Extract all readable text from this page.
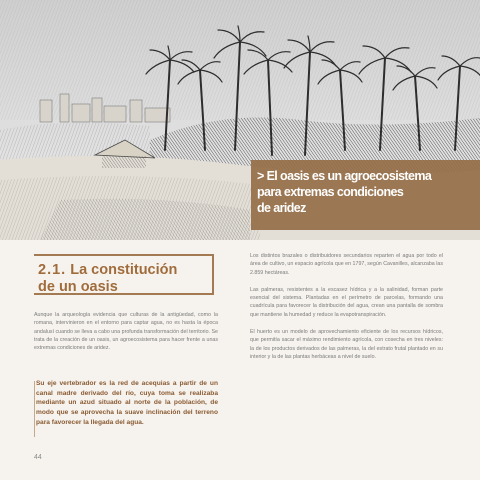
> El oasis es un agroecosistema
para extremas condiciones
de aridez
2.1. La constitución
de un oasis

Aunque la arqueología evidencia que culturas de la antigüedad, como la romana, intervinieron en el entorno para captar agua, no es hasta la época andalusí cuando se lleva a cabo una profunda transformación del territorio. Se trata de la creación de un oasis, un agroecosistema para hacer frente a unas extremas condiciones de aridez.

Su eje vertebrador es la red de acequias a partir de un canal madre derivado del río, cuya toma se realizaba mediante un azud situado al norte de la población, de modo que se aprovecha la suave inclinación del terreno para favorecer la llegada del agua.

Los distintos brazales o distribuidores secundarios reparten el agua por todo el área de cultivo, un espacio agrícola que en 1797, según Cavanilles, alcanzaba las 2.859 hectáreas.

Las palmeras, resistentes a la escasez hídrica y a la salinidad, forman parte esencial del sistema. Plantadas en el perímetro de parcelas, formando una cuadrícula para favorecer la distribución del agua, crean una pantalla de sombra que mantiene la humedad y reduce la evapotranspiración.

El huerto es un modelo de aprovechamiento eficiente de los recursos hídricos, que permitía sacar el máximo rendimiento agrícola, con cosecha en tres niveles: la de los productos derivados de las palmeras, la del estrato frutal plantado en su interior y la de las plantas herbáceas a nivel de suelo.

44
